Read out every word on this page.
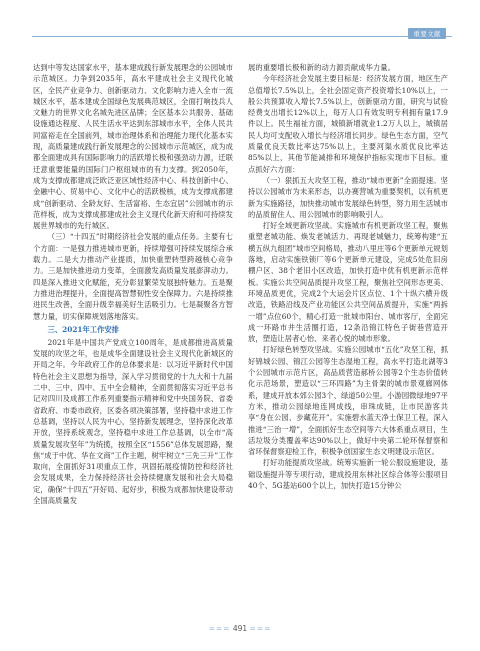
重要文献

达到中等发达国家水平，基本建成践行新发展理念的公园城市示范城区。力争到2035年，高水平建成社会主义现代化城区，全民产业竞争力、创新驱动力、文化影响力进入全市一流城区水平，基本建成全国绿色发展典范城区，全面打响技兵人文魅力的世界文化名城先进区品牌；全区基本公共服务、基础设施通达程度、人民生活水平达到东部城市水平，全体人民共同富裕走在全国前列，城市治理体系和治理能力现代化基本实现，高质量建成践行新发展理念的公园城市示范城区，成为成都全面建成具有国际影响力的活跃增长极和强劲动力源，迁联迁意重要能量的国际门户枢纽城市的有力支撑。到2050年，成为支撑成都建成泛欧泛亚区域性经济中心、科技创新中心、金融中心、贸易中心、文化中心的活跃极核，成为支撑成都建成“创新驱动、全龄友好、生活富裕、生态宜居”公园城市的示范样板，成为支撑成都建成社会主义现代化新天府和可持续发展世界城市的先行城区。

（三）“十四五”时期经济社会发展的重点任务。主要有七个方面：一是强力推进城市更新，持续增强可持续发展综合承载力。二是大力推动产业提质，加快重塑转型跨越核心竞争力。三是加快推进动力变革，全面激发高质量发展澎湃动力。四是深入推进文化赋能，充分彰显繁荣发展独特魅力。五是聚力推进治理提升，全面提高智慧韧性安全保障力。六是持续推进民生改善，全面升级幸福美好生活吸引力。七是凝聚各方智慧力量，切实保障规划落地落实。

三、2021年工作安排

2021年是中国共产党成立100周年，是成都推进高质量发展的攻坚之年，也是成华全面建设社会主义现代化新城区的开局之年。今年政府工作的总体要求是：以习近平新时代中国特色社会主义思想为指导，深入学习贯彻党的十九大和十九届二中、三中、四中、五中全会精神，全面贯彻落实习近平总书记对四川及成都工作系列重要指示精神和党中央国务院、省委省政府、市委市政府，区委各项决策部署，坚持稳中求进工作总基调，坚持以人民为中心，坚持新发展理念，坚持深化改革开放，坚持系统观念，坚持稳中求进工作总基调，以全市“高质量发展攻坚年”为统揽，按照全区“1556”总体发展思路，聚焦“成于中优、华在文商”工作主题，树牢树立“三先三升”工作取向，全面抓好31项重点工作，巩固拓展疫情防控和经济社会发展成果，全力保持经济社会持续健康发展和社会大局稳定，确保“十四五”开好局、起好步，积极为成都加快建设带动全国高质量发

展的重要增长极和新的动力源贡献成华力量。

今年经济社会发展主要目标是：经济发展方面，地区生产总值增长7.5%以上，全社会固定资产投资增长10%以上，一般公共预算收入增长7.5%以上，创新驱动方面，研究与试验经费支出增长12%以上，每万人口有效发明专利拥有量17.9件以上。民生福祉方面，城镇新增就业1.2万人以上，城镇居民人均可支配收入增长与经济增长同步。绿色生态方面，空气质量优良天数比率达75%以上，主要河渠水质优良比率达85%以上，其他节能减排和环境保护指标实现市下目标。重点抓好六方面：

（一）狠抓五大攻坚工程，推动“城市更新”全面提速。坚持以公园城市为未来形态，以办赛营城为重要契机，以有机更新为实施路径，加快推动城市发展绿色转型，努力用生活城市的品质留住人、用公园城市的影响吸引人。

打好全域更新攻坚战。实施城市有机更新攻坚工程，聚焦重塑老城功能、焕发老城活力、再现老城魅力，统筹构建“五横五纵九组团”城市空间格局，推动八里庄等6个更新单元规划落地，启动实施铁锁厂等6个更新单元建设，完成5处危旧房棚户区、38个老旧小区改造，加快打造中优有机更新示范样板。实施公共空间品质提升攻坚工程，聚焦社空间形态更美、环境品质更优，完成2个大运会片区点位、1个十纵六横升级改造，铁路沿线及产业功能区公共空间品质提升，实施“两拆一增”点位60个，精心打造一批城市阳台、城市客厅，全面完成一环路市井生活圈打造，12条沿锦江特色子街巷营造开放，塑造让居者心怡、来者心悦的城市形象。

打好绿色转型攻坚战。实施公园城市“五化”攻坚工程，抓好锦城公园、锦江公园等生态湿地工程，高水平打造北湖等3个公园城市示范片区，高品质营造郝桥公园等2个生态价值转化示范场景，塑造以“三环四路”为主骨架的城市景观廊网体系，建成开放本郊公园3个、绿道50公里。小游园微绿地97平方米，推动公园绿地连网成线，串珠成链，让市民游客共享“身在公园、步藏花开”。实施碧水蓝天净土保卫工程，深入推进“三治一增”，全面抓好生态空间等六大体系重点项目，生活垃圾分类覆盖率达90%以上，做好中央第二轮环保督察和省环保督察迎检工作，积极争创国家生态文明建设示范区。

打好功能提质攻坚战。统筹实施新一轮公服设施建设，基础设施提升等专项行动，建成投用东林社区综合体等公服项目40个、5G基站600个以上，加快打造15分钟公

=== 491 ===
